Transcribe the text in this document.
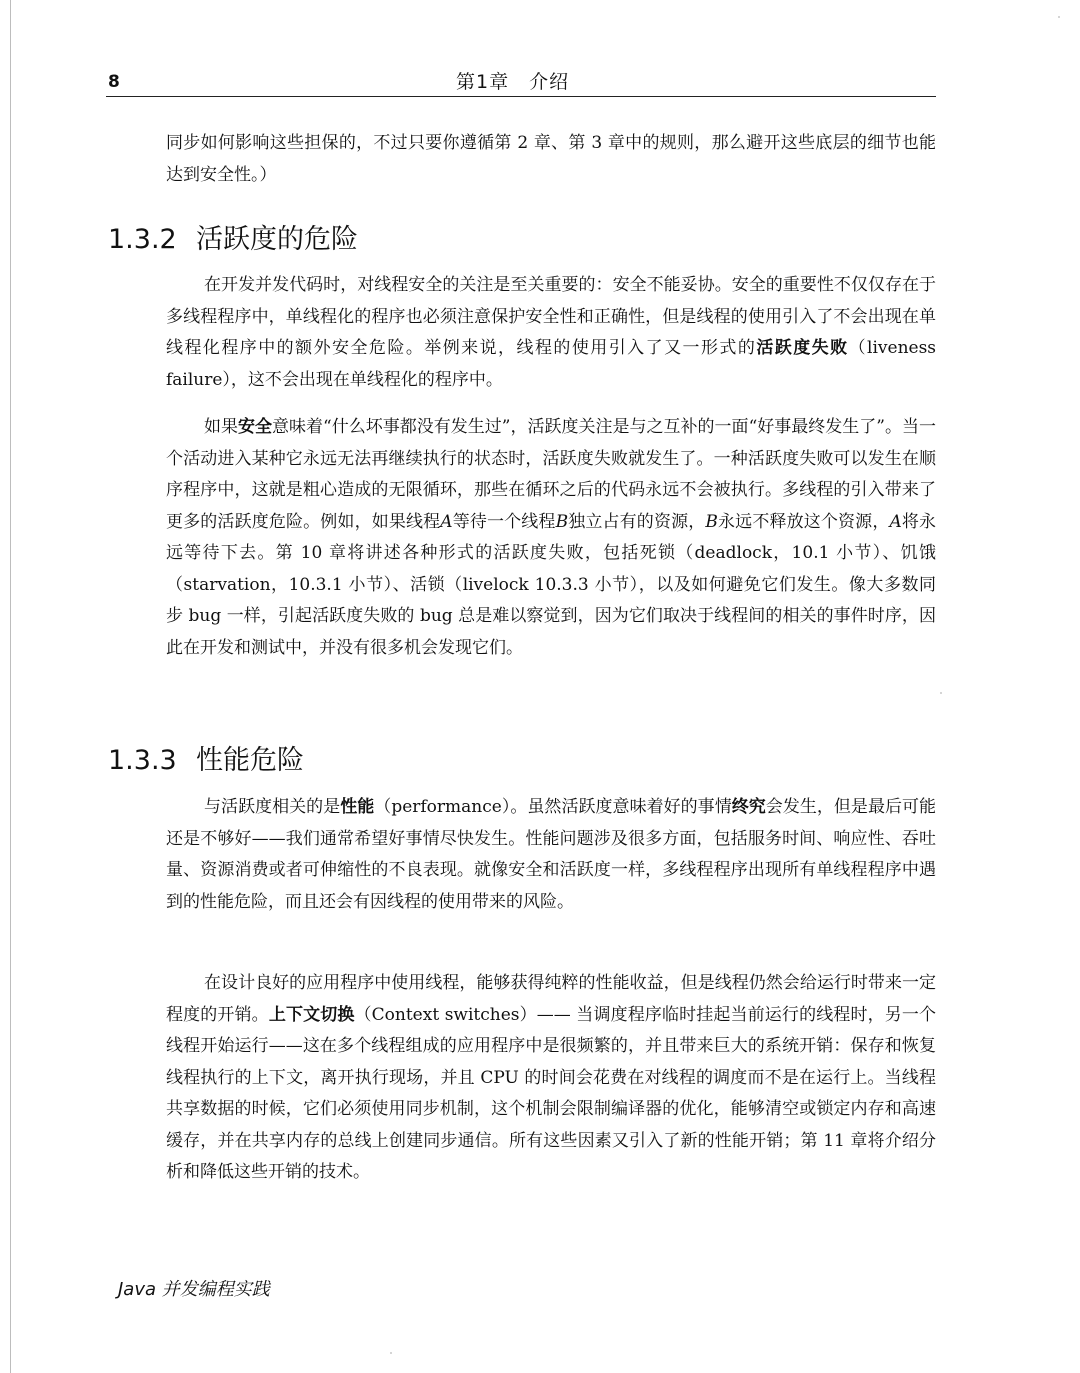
8	第1章　介绍

同步如何影响这些担保的，不过只要你遵循第 2 章、第 3 章中的规则，那么避开这些底层的细节也能达到安全性。）

1.3.2 活跃度的危险

在开发并发代码时，对线程安全的关注是至关重要的：安全不能妥协。安全的重要性不仅仅存在于多线程程序中，单线程化的程序也必须注意保护安全性和正确性，但是线程的使用引入了不会出现在单线程化程序中的额外安全危险。举例来说，线程的使用引入了又一形式的活跃度失败（liveness failure），这不会出现在单线程化的程序中。

如果安全意味着“什么坏事都没有发生过”，活跃度关注是与之互补的一面“好事最终发生了”。当一个活动进入某种它永远无法再继续执行的状态时，活跃度失败就发生了。一种活跃度失败可以发生在顺序程序中，这就是粗心造成的无限循环，那些在循环之后的代码永远不会被执行。多线程的引入带来了更多的活跃度危险。例如，如果线程A等待一个线程B独立占有的资源，B永远不释放这个资源，A将永远等待下去。第 10 章将讲述各种形式的活跃度失败，包括死锁（deadlock，10.1 小节）、饥饿（starvation，10.3.1 小节）、活锁（livelock 10.3.3 小节），以及如何避免它们发生。像大多数同步 bug 一样，引起活跃度失败的 bug 总是难以察觉到，因为它们取决于线程间的相关的事件时序，因此在开发和测试中，并没有很多机会发现它们。

1.3.3 性能危险

与活跃度相关的是性能（performance）。虽然活跃度意味着好的事情终究会发生，但是最后可能还是不够好——我们通常希望好事情尽快发生。性能问题涉及很多方面，包括服务时间、响应性、吞吐量、资源消费或者可伸缩性的不良表现。就像安全和活跃度一样，多线程程序出现所有单线程程序中遇到的性能危险，而且还会有因线程的使用带来的风险。

在设计良好的应用程序中使用线程，能够获得纯粹的性能收益，但是线程仍然会给运行时带来一定程度的开销。上下文切换（Context switches）—— 当调度程序临时挂起当前运行的线程时，另一个线程开始运行——这在多个线程组成的应用程序中是很频繁的，并且带来巨大的系统开销：保存和恢复线程执行的上下文，离开执行现场，并且 CPU 的时间会花费在对线程的调度而不是在运行上。当线程共享数据的时候，它们必须使用同步机制，这个机制会限制编译器的优化，能够清空或锁定内存和高速缓存，并在共享内存的总线上创建同步通信。所有这些因素又引入了新的性能开销；第 11 章将介绍分析和降低这些开销的技术。

Java 并发编程实践
